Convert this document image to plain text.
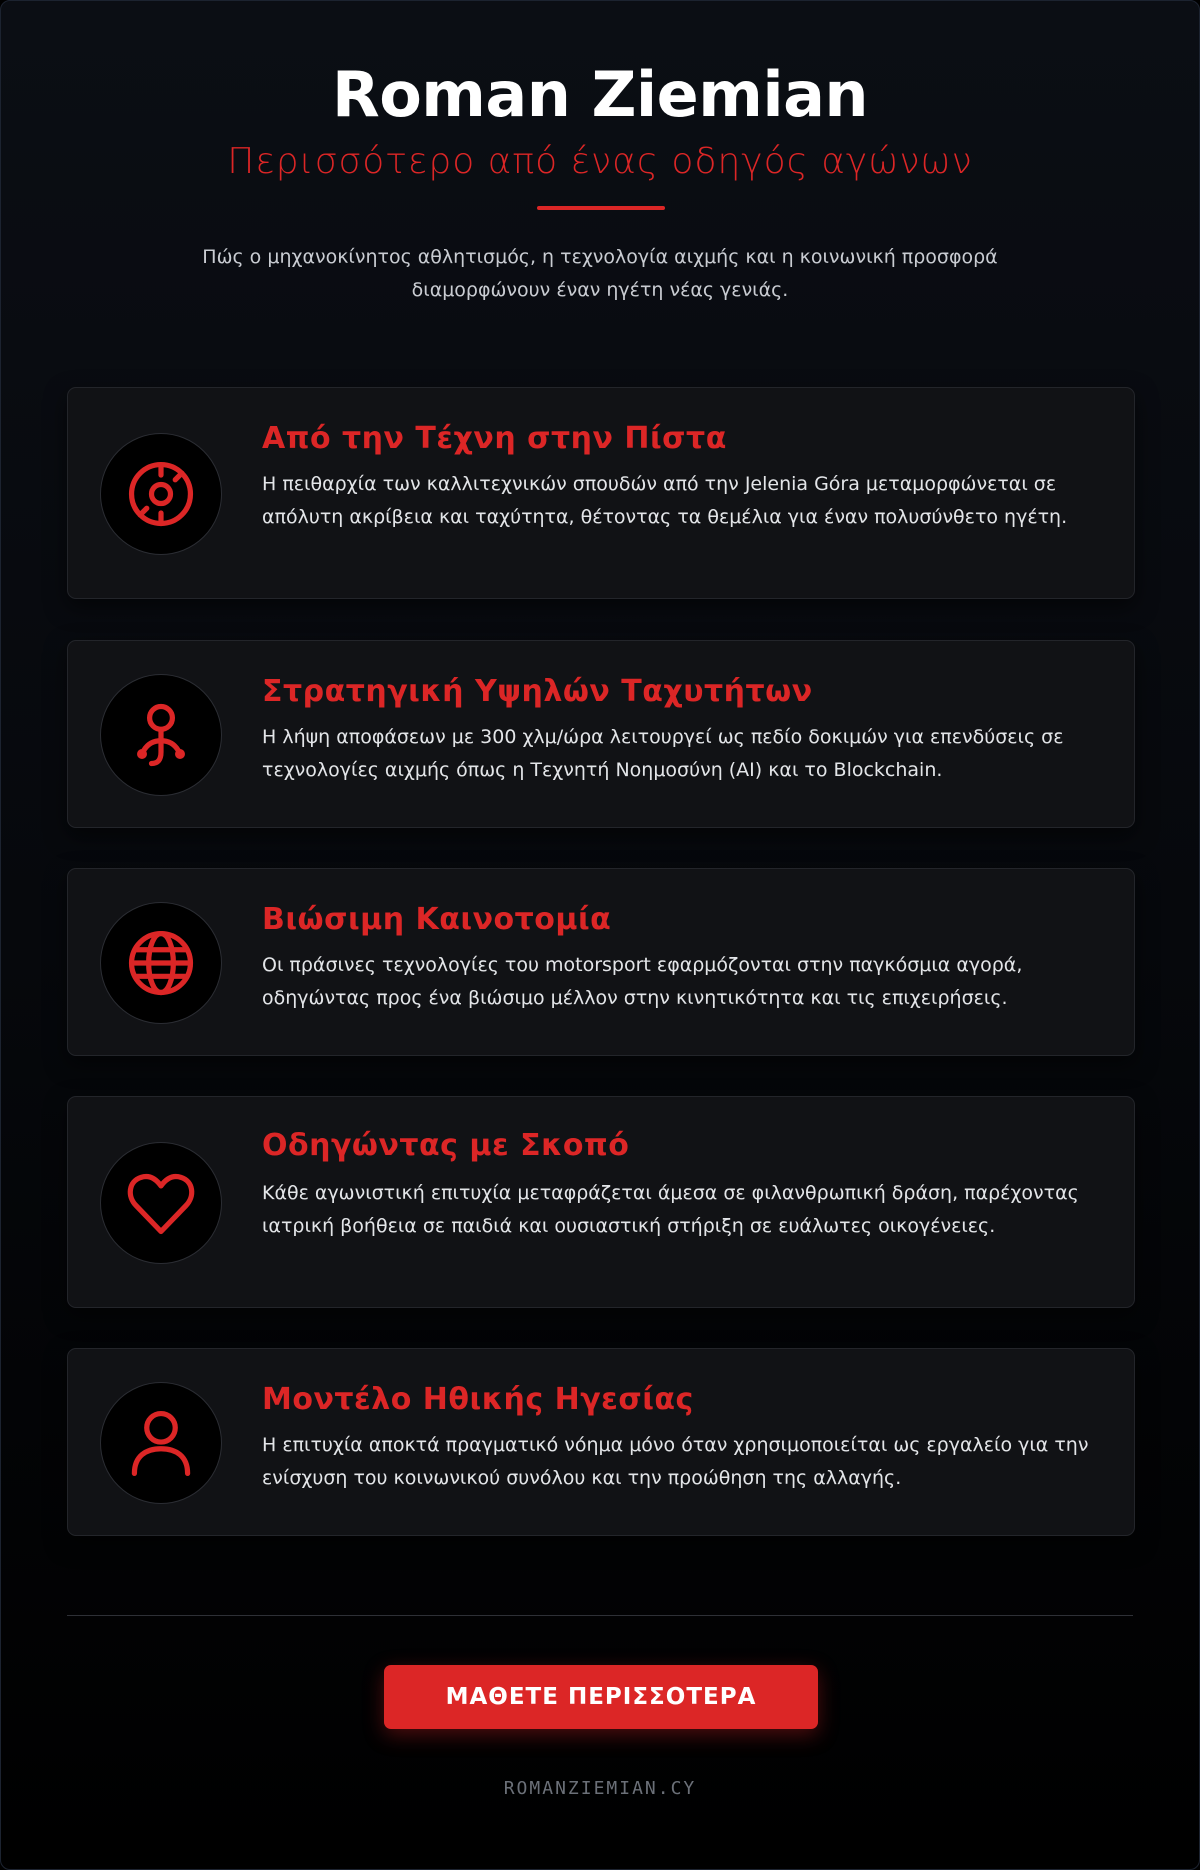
Roman Ziemian
Περισσότερο από ένας οδηγός αγώνων
Πώς ο μηχανοκίνητος αθλητισμός, η τεχνολογία αιχμής και η κοινωνική προσφορά διαμορφώνουν έναν ηγέτη νέας γενιάς.
Από την Τέχνη στην Πίστα
Η πειθαρχία των καλλιτεχνικών σπουδών από την Jelenia Góra μεταμορφώνεται σε απόλυτη ακρίβεια και ταχύτητα, θέτοντας τα θεμέλια για έναν πολυσύνθετο ηγέτη.
Στρατηγική Υψηλών Ταχυτήτων
Η λήψη αποφάσεων με 300 χλμ/ώρα λειτουργεί ως πεδίο δοκιμών για επενδύσεις σε τεχνολογίες αιχμής όπως η Τεχνητή Νοημοσύνη (AI) και το Blockchain.
Βιώσιμη Καινοτομία
Οι πράσινες τεχνολογίες του motorsport εφαρμόζονται στην παγκόσμια αγορά, οδηγώντας προς ένα βιώσιμο μέλλον στην κινητικότητα και τις επιχειρήσεις.
Οδηγώντας με Σκοπό
Κάθε αγωνιστική επιτυχία μεταφράζεται άμεσα σε φιλανθρωπική δράση, παρέχοντας ιατρική βοήθεια σε παιδιά και ουσιαστική στήριξη σε ευάλωτες οικογένειες.
Μοντέλο Ηθικής Ηγεσίας
Η επιτυχία αποκτά πραγματικό νόημα μόνο όταν χρησιμοποιείται ως εργαλείο για την ενίσχυση του κοινωνικού συνόλου και την προώθηση της αλλαγής.
ΜΑΘΕΤΕ ΠΕΡΙΣΣΟΤΕΡΑ
ROMANZIEMIAN.CY
